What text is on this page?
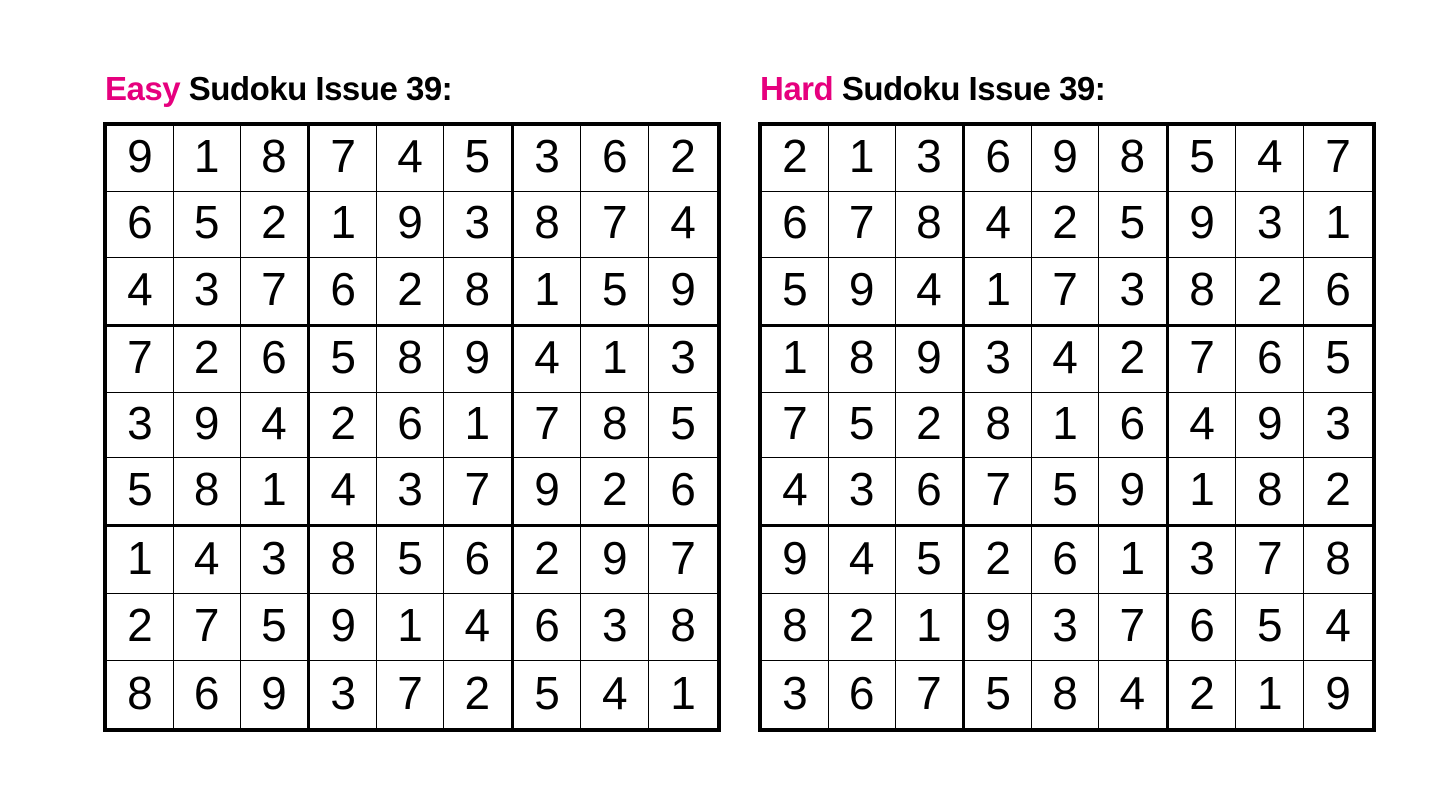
Easy Sudoku Issue 39:
9 1 8
6 5 2
4 3 7
7 4 5
1 9 3
6 2 8
3 6 2
8 7 4
1 5 9
7 2 6
3 9 4
5 8 1
5 8 9
2 6 1
4 3 7
4 1 3
7 8 5
9 2 6
1 4 3
2 7 5
8 6 9
8 5 6
9 1 4
3 7 2
2 9 7
6 3 8
5 4 1
Hard Sudoku Issue 39:
2 1 3
6 7 8
5 9 4
6 9 8
4 2 5
1 7 3
5 4 7
9 3 1
8 2 6
1 8 9
7 5 2
4 3 6
3 4 2
8 1 6
7 5 9
7 6 5
4 9 3
1 8 2
9 4 5
8 2 1
3 6 7
2 6 1
9 3 7
5 8 4
3 7 8
6 5 4
2 1 9
